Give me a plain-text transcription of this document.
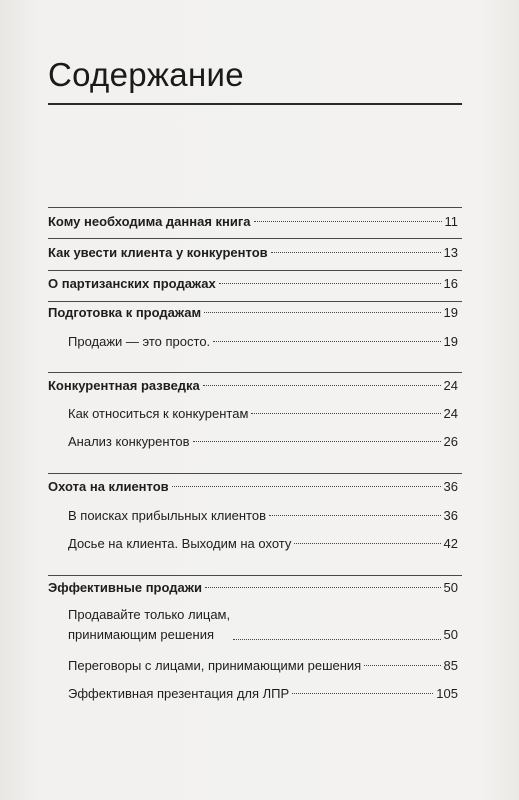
Содержание
Кому необходима данная книга	11
Как увести клиента у конкурентов	13
О партизанских продажах	16
Подготовка к продажам	19
Продажи — это просто.	19
Конкурентная разведка	24
Как относиться к конкурентам	24
Анализ конкурентов	26
Охота на клиентов	36
В поисках прибыльных клиентов	36
Досье на клиента. Выходим на охоту	42
Эффективные продажи	50
Продавайте только лицам,
принимающим решения	50
Переговоры с лицами, принимающими решения	85
Эффективная презентация для ЛПР	105
